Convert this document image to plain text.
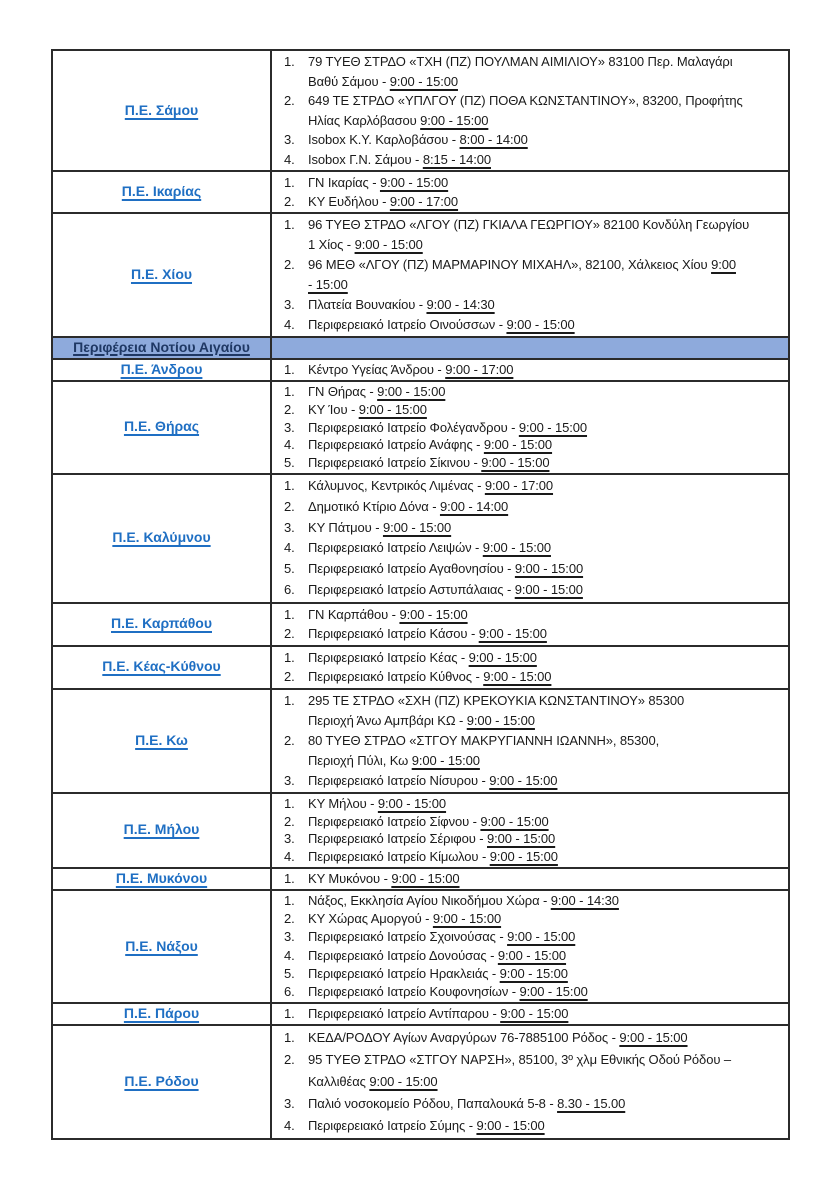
Π.Ε. Σάμου	
1.	79 ΤΥΕΘ ΣΤΡΔΟ «ΤΧΗ (ΠΖ) ΠΟΥΛΜΑΝ ΑΙΜΙΛΙΟΥ» 83100 Περ. Μαλαγάρι
Βαθύ Σάμου - 9:00 - 15:00
2.	649 ΤΕ ΣΤΡΔΟ «ΥΠΛΓΟΥ (ΠΖ) ΠΟΘΑ ΚΩΝΣΤΑΝΤΙΝΟΥ», 83200, Προφήτης
Ηλίας Καρλόβασου 9:00 - 15:00
3.	Isobox Κ.Υ. Καρλοβάσου - 8:00 - 14:00
4.	Isobox Γ.Ν. Σάμου - 8:15 - 14:00

Π.Ε. Ικαρίας	1. ΓΝ Ικαρίας - 9:00 - 15:00
2. ΚΥ Ευδήλου - 9:00 - 17:00

Π.Ε. Χίου	
1.	96 ΤΥΕΘ ΣΤΡΔΟ «ΛΓΟΥ (ΠΖ) ΓΚΙΑΛΑ ΓΕΩΡΓΙΟΥ» 82100 Κονδύλη Γεωργίου
1 Χίος - 9:00 - 15:00
2.	96 ΜΕΘ «ΛΓΟΥ (ΠΖ) ΜΑΡΜΑΡΙΝΟΥ ΜΙΧΑΗΛ», 82100, Χάλκειος Χίου 9:00
- 15:00
3.	Πλατεία Βουνακίου - 9:00 - 14:30
4.	Περιφερειακό Ιατρείο Οινούσσων - 9:00 - 15:00

Περιφέρεια Νοτίου Αιγαίου	
Π.Ε. Άνδρου	1. Κέντρο Υγείας Άνδρου - 9:00 - 17:00

Π.Ε. Θήρας	
1.	ΓΝ Θήρας - 9:00 - 15:00
2.	ΚΥ Ίου - 9:00 - 15:00
3.	Περιφερειακό Ιατρείο Φολέγανδρου - 9:00 - 15:00
4.	Περιφερειακό Ιατρείο Ανάφης - 9:00 - 15:00
5.	Περιφερειακό Ιατρείο Σίκινου - 9:00 - 15:00

Π.Ε. Καλύμνου	
1.	Κάλυμνος, Κεντρικός Λιμένας - 9:00 - 17:00
2.	Δημοτικό Κτίριο Δόνα - 9:00 - 14:00
3.	ΚΥ Πάτμου - 9:00 - 15:00
4.	Περιφερειακό Ιατρείο Λειψών - 9:00 - 15:00
5.	Περιφερειακό Ιατρείο Αγαθονησίου - 9:00 - 15:00
6.	Περιφερειακό Ιατρείο Αστυπάλαιας - 9:00 - 15:00

Π.Ε. Καρπάθου	1. ΓΝ Καρπάθου - 9:00 - 15:00
2. Περιφερειακό Ιατρείο Κάσου - 9:00 - 15:00

Π.Ε. Κέας-Κύθνου	1. Περιφερειακό Ιατρείο Κέας - 9:00 - 15:00
2. Περιφερειακό Ιατρείο Κύθνος - 9:00 - 15:00

Π.Ε. Κω	
1.	295 ΤΕ ΣΤΡΔΟ «ΣΧΗ (ΠΖ) ΚΡΕΚΟΥΚΙΑ ΚΩΝΣΤΑΝΤΙΝΟΥ» 85300
Περιοχή Άνω Αμπβάρι ΚΩ - 9:00 - 15:00
2.	80 ΤΥΕΘ ΣΤΡΔΟ «ΣΤΓΟΥ ΜΑΚΡΥΓΙΑΝΝΗ ΙΩΑΝΝΗ», 85300,
Περιοχή Πύλι, Κω 9:00 - 15:00
3.	Περιφερειακό Ιατρείο Νίσυρου - 9:00 - 15:00

Π.Ε. Μήλου	
1.	ΚΥ Μήλου - 9:00 - 15:00
2.	Περιφερειακό Ιατρείο Σίφνου - 9:00 - 15:00
3.	Περιφερειακό Ιατρείο Σέριφου - 9:00 - 15:00
4.	Περιφερειακό Ιατρείο Κίμωλου - 9:00 - 15:00

Π.Ε. Μυκόνου	1. ΚΥ Μυκόνου - 9:00 - 15:00

Π.Ε. Νάξου	
1.	Νάξος, Εκκλησία Αγίου Νικοδήμου Χώρα - 9:00 - 14:30
2.	ΚΥ Χώρας Αμοργού - 9:00 - 15:00
3.	Περιφερειακό Ιατρείο Σχοινούσας - 9:00 - 15:00
4.	Περιφερειακό Ιατρείο Δονούσας - 9:00 - 15:00
5.	Περιφερειακό Ιατρείο Ηρακλειάς - 9:00 - 15:00
6.	Περιφερειακό Ιατρείο Κουφονησίων - 9:00 - 15:00

Π.Ε. Πάρου	1. Περιφερειακό Ιατρείο Αντίπαρου - 9:00 - 15:00

Π.Ε. Ρόδου	
1.	ΚΕΔΑ/ΡΟΔΟΥ Αγίων Αναργύρων 76-7885100 Ρόδος - 9:00 - 15:00
2.	95 ΤΥΕΘ ΣΤΡΔΟ «ΣΤΓΟΥ ΝΑΡΣΗ», 85100, 3º χλμ Εθνικής Οδού Ρόδου –
Καλλιθέας 9:00 - 15:00
3.	Παλιό νοσοκομείο Ρόδου, Παπαλουκά 5-8 - 8.30 - 15.00
4.	Περιφερειακό Ιατρείο Σύμης - 9:00 - 15:00
